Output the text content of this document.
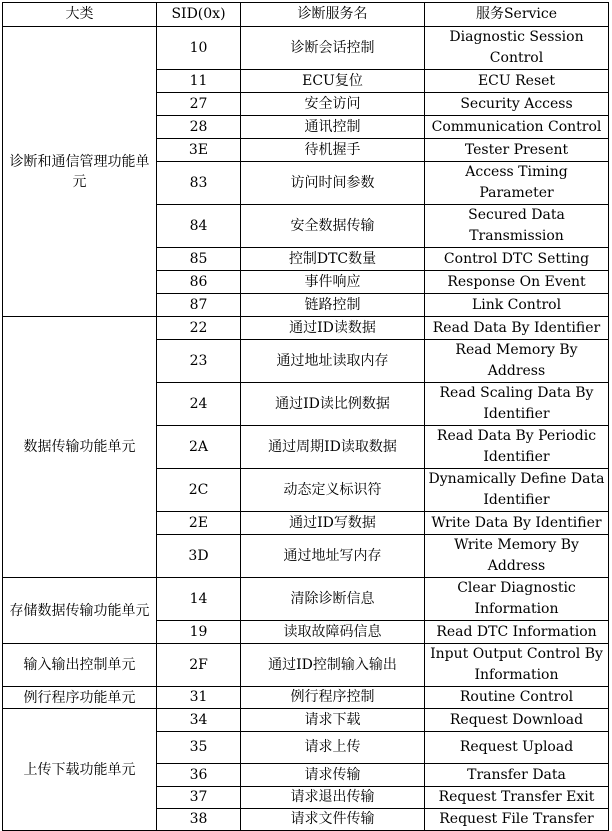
大类	SID(0x)	诊断服务名	服务Service
诊断和通信管理功能单元	10	诊断会话控制	Diagnostic Session Control
	11	ECU复位	ECU Reset
	27	安全访问	Security Access
	28	通讯控制	Communication Control
	3E	待机握手	Tester Present
	83	访问时间参数	Access Timing Parameter
	84	安全数据传输	Secured Data Transmission
	85	控制DTC数量	Control DTC Setting
	86	事件响应	Response On Event
	87	链路控制	Link Control
数据传输功能单元	22	通过ID读数据	Read Data By Identifier
	23	通过地址读取内存	Read Memory By Address
	24	通过ID读比例数据	Read Scaling Data By Identifier
	2A	通过周期ID读取数据	Read Data By Periodic Identifier
	2C	动态定义标识符	Dynamically Define Data Identifier
	2E	通过ID写数据	Write Data By Identifier
	3D	通过地址写内存	Write Memory By Address
存储数据传输功能单元	14	清除诊断信息	Clear Diagnostic Information
	19	读取故障码信息	Read DTC Information
输入输出控制单元	2F	通过ID控制输入输出	Input Output Control By Information
例行程序功能单元	31	例行程序控制	Routine Control
上传下载功能单元	34	请求下载	Request Download
	35	请求上传	Request Upload
	36	请求传输	Transfer Data
	37	请求退出传输	Request Transfer Exit
	38	请求文件传输	Request File Transfer
